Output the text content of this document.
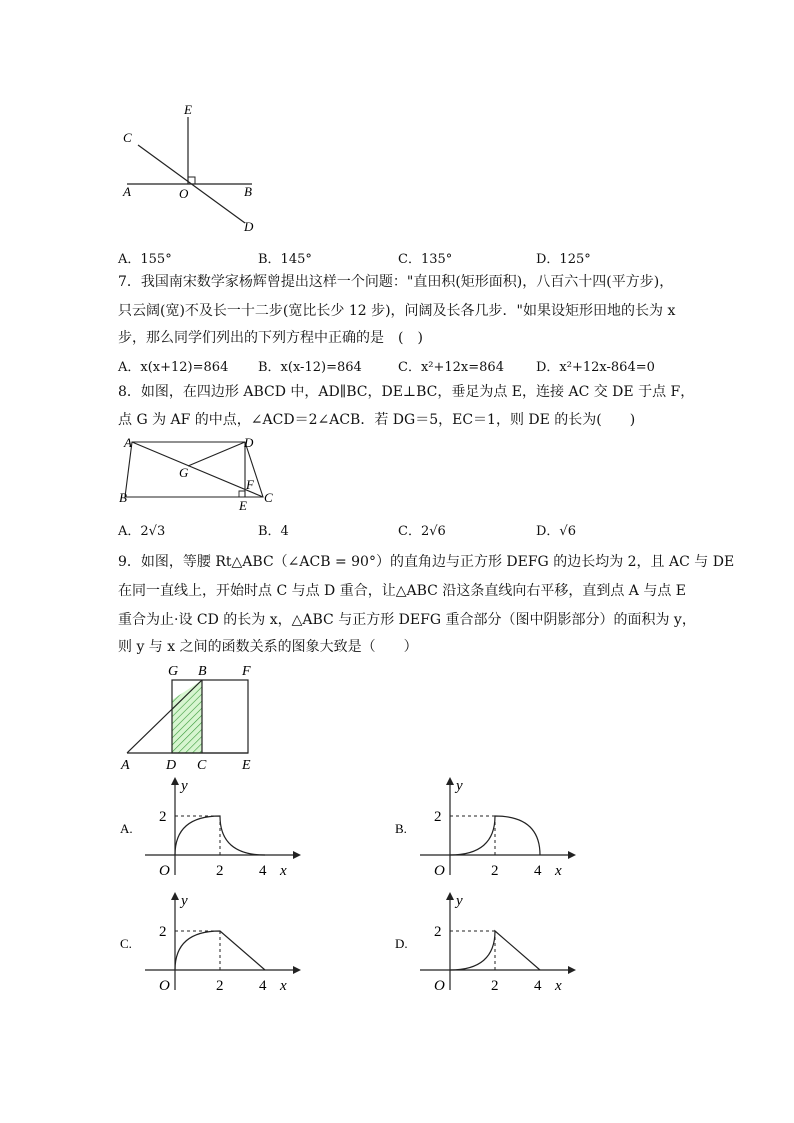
E
C
A	O	B
D
A．155°	B．145°	C．135°	D．125°
7．我国南宋数学家杨辉曾提出这样一个问题："直田积(矩形面积)，八百六十四(平方步)，
只云阔(宽)不及长一十二步(宽比长少 12 步)，问阔及长各几步．"如果设矩形田地的长为 x
步，那么同学们列出的下列方程中正确的是　(　)
A．x(x+12)=864 B．x(x-12)=864	C．x²+12x=864 D．x²+12x-864=0
8．如图，在四边形 ABCD 中，AD∥BC，DE⊥BC，垂足为点 E，连接 AC 交 DE 于点 F，
点 G 为 AF 的中点，∠ACD＝2∠ACB．若 DG＝5，EC＝1，则 DE 的长为(　　)
A	D
G
F
B
E
C
A．2√3	B．4	C．2√6	D．√6
9．如图，等腰 Rt△ABC（∠ACB = 90°）的直角边与正方形 DEFG 的边长均为 2，且 AC 与 DE
在同一直线上，开始时点 C 与点 D 重合，让△ABC 沿这条直线向右平移，直到点 A 与点 E
重合为止·设 CD 的长为 x，△ABC 与正方形 DEFG 重合部分（图中阴影部分）的面积为 y，
则 y 与 x 之间的函数关系的图象大致是（　　）
G B	F
A	D C	E
A.
y
2
O	2 4 x
B.
y
2
O	2 4 x
C.
y
2
O	2 4 x
D.
y
2
O	2 4 x
